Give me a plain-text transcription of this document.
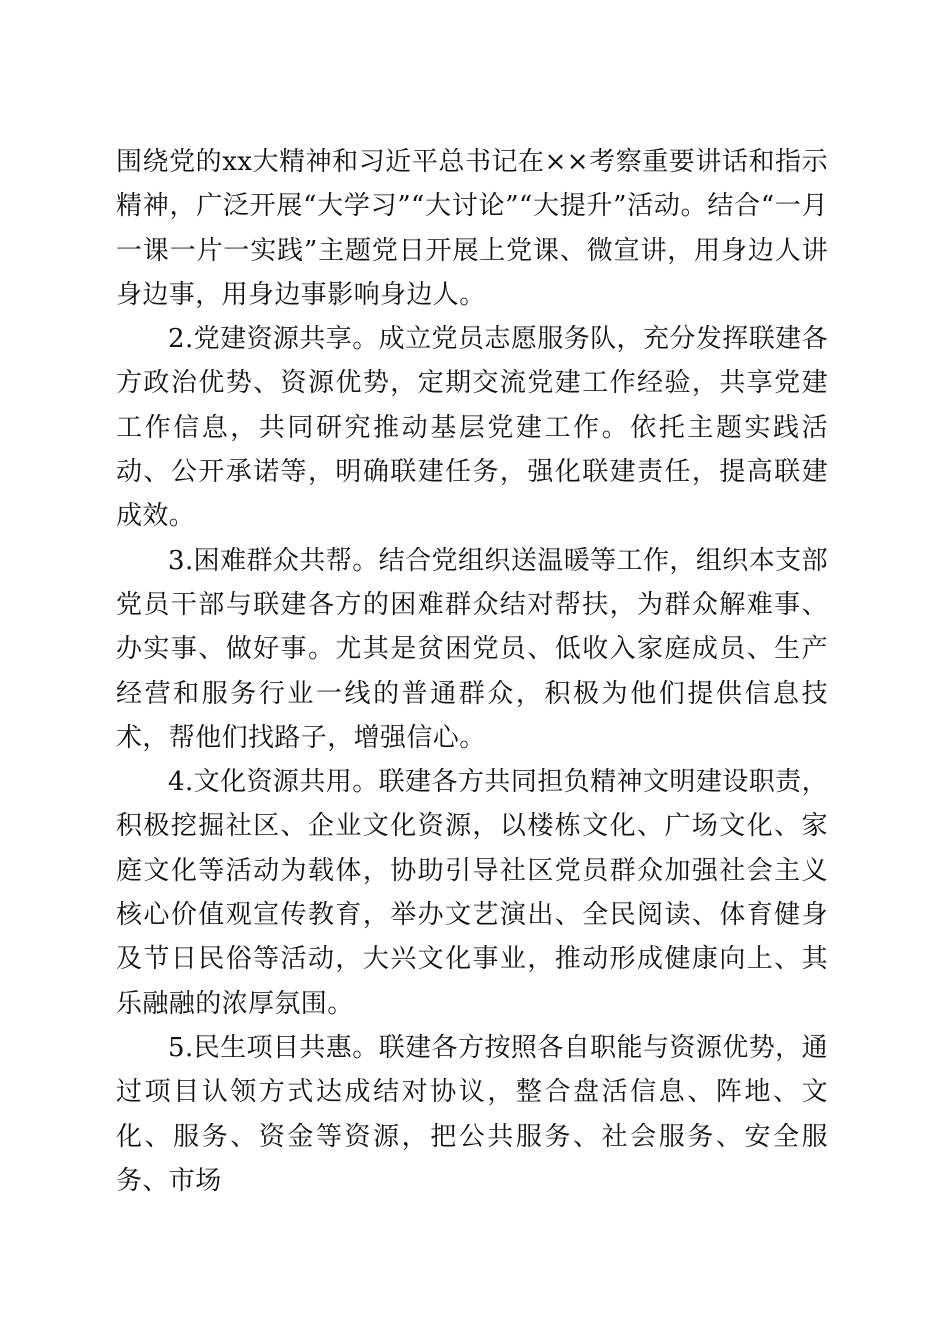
围绕党的xx大精神和习近平总书记在××考察重要讲话和指示精神，广泛开展“大学习”“大讨论”“大提升”活动。结合“一月一课一片一实践”主题党日开展上党课、微宣讲，用身边人讲身边事，用身边事影响身边人。

2.党建资源共享。成立党员志愿服务队，充分发挥联建各方政治优势、资源优势，定期交流党建工作经验，共享党建工作信息，共同研究推动基层党建工作。依托主题实践活动、公开承诺等，明确联建任务，强化联建责任，提高联建成效。

3.困难群众共帮。结合党组织送温暖等工作，组织本支部党员干部与联建各方的困难群众结对帮扶，为群众解难事、办实事、做好事。尤其是贫困党员、低收入家庭成员、生产经营和服务行业一线的普通群众，积极为他们提供信息技术，帮他们找路子，增强信心。

4.文化资源共用。联建各方共同担负精神文明建设职责，积极挖掘社区、企业文化资源，以楼栋文化、广场文化、家庭文化等活动为载体，协助引导社区党员群众加强社会主义核心价值观宣传教育，举办文艺演出、全民阅读、体育健身及节日民俗等活动，大兴文化事业，推动形成健康向上、其乐融融的浓厚氛围。

5.民生项目共惠。联建各方按照各自职能与资源优势，通过项目认领方式达成结对协议，整合盘活信息、阵地、文化、服务、资金等资源，把公共服务、社会服务、安全服务、市场
